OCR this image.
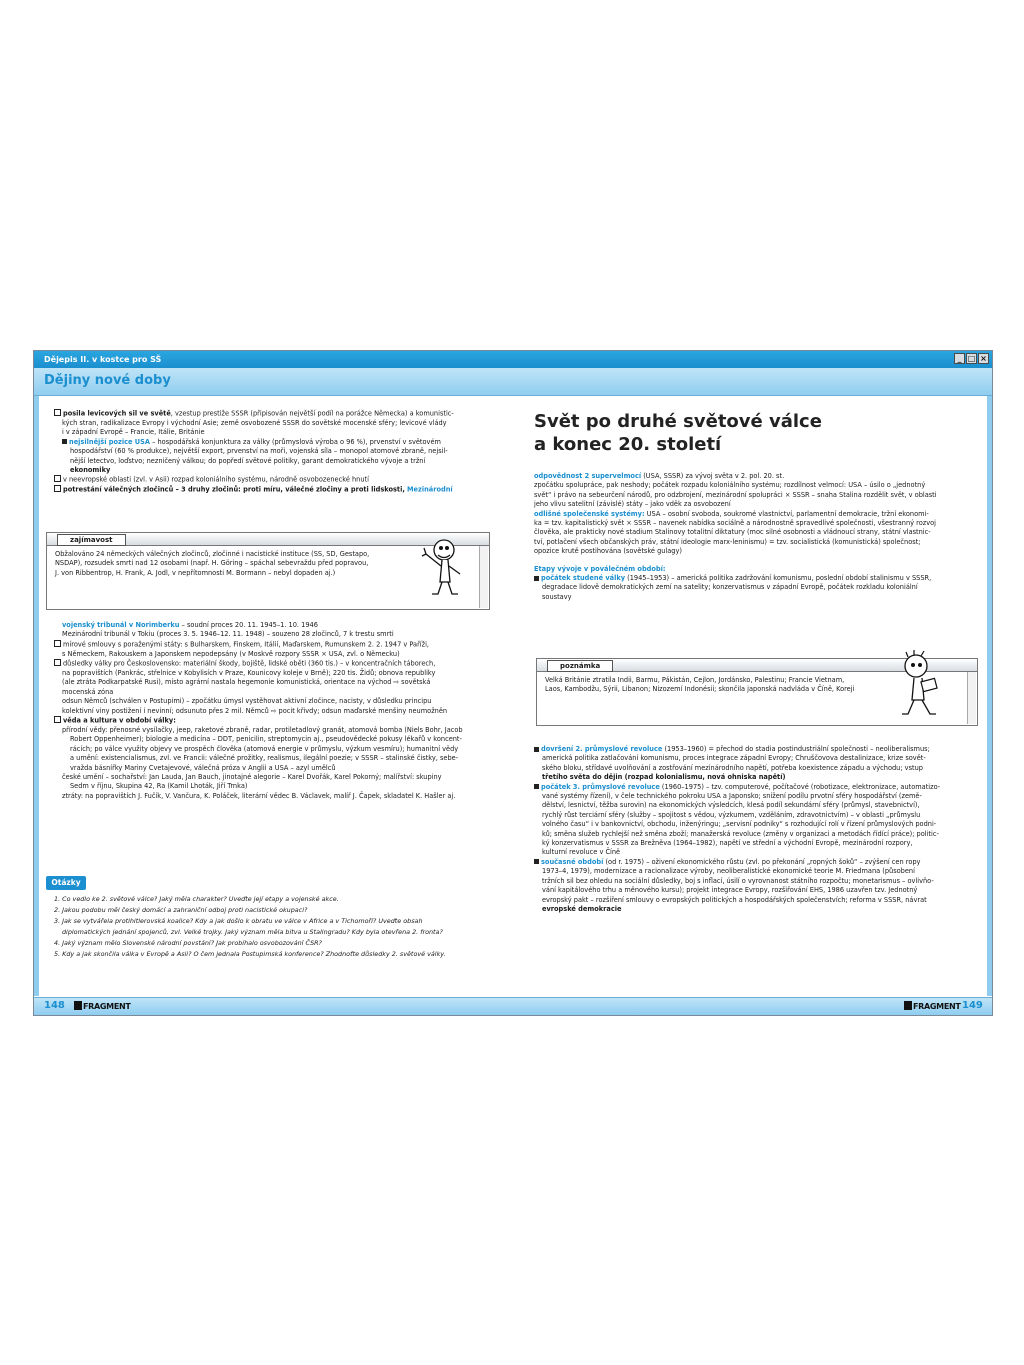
Dějepis II. v kostce pro SŠ	_ □ ×
Dějiny nové doby
148	FRAGMENT	FRAGMENT 149

posila levicových sil ve světě, vzestup prestiže SSSR (připisován největší podíl na porážce Německa) a komunistic-

kých stran, radikalizace Evropy i východní Asie; země osvobozené SSSR do sovětské mocenské sféry; levicové vlády

i v západní Evropě – Francie, Itálie, Británie

nejsilnější pozice USA – hospodářská konjunktura za války (průmyslová výroba o 96 %), prvenství v světovém

hospodářství (60 % produkce), největší export, prvenství na moři, vojenská síla – monopol atomové zbraně, nejsil-

nější letectvo, loďstvo; nezničený válkou; do popředí světové politiky, garant demokratického vývoje a tržní

ekonomiky

v neevropské oblasti (zvl. v Asii) rozpad koloniálního systému, národně osvobozenecké hnutí

potrestání válečných zločinců – 3 druhy zločinů: proti míru, válečné zločiny a proti lidskosti, Mezinárodní

zajímavost

Obžalováno 24 německých válečných zločinců, zločinné i nacistické instituce (SS, SD, Gestapo,

NSDAP), rozsudek smrti nad 12 osobami (např. H. Göring – spáchal sebevraždu před popravou,

J. von Ribbentrop, H. Frank, A. Jodl, v nepřítomnosti M. Bormann – nebyl dopaden aj.)

vojenský tribunál v Norimberku – soudní proces 20. 11. 1945–1. 10. 1946

Mezinárodní tribunál v Tokiu (proces 3. 5. 1946–12. 11. 1948) – souzeno 28 zločinců, 7 k trestu smrti

mírové smlouvy s poraženými státy: s Bulharskem, Finskem, Itálií, Maďarskem, Rumunskem 2. 2. 1947 v Paříži,

s Německem, Rakouskem a Japonskem nepodepsány (v Moskvě rozpory SSSR × USA, zvl. o Německu)

důsledky války pro Československo: materiální škody, bojiště, lidské oběti (360 tis.) – v koncentračních táborech,

na popravištích (Pankrác, střelnice v Kobylisích v Praze, Kounicovy koleje v Brně); 220 tis. Židů; obnova republiky

(ale ztráta Podkarpatské Rusi), místo agrární nastala hegemonie komunistická, orientace na východ ⇨ sovětská

mocenská zóna

odsun Němců (schválen v Postupimi) – zpočátku úmysl vystěhovat aktivní zločince, nacisty, v důsledku principu

kolektivní viny postižení i nevinní; odsunuto přes 2 mil. Němců ⇨ pocit křivdy; odsun maďarské menšiny neumožněn

věda a kultura v období války:

přírodní vědy: přenosné vysílačky, jeep, raketové zbraně, radar, protiletadlový granát, atomová bomba (Niels Bohr, Jacob

Robert Oppenheimer); biologie a medicína – DDT, penicilin, streptomycin aj., pseudovědecké pokusy lékařů v koncent-

rácích; po válce využity objevy ve prospěch člověka (atomová energie v průmyslu, výzkum vesmíru); humanitní vědy

a umění: existencialismus, zvl. ve Francii: válečné prožitky, realismus, ilegální poezie; v SSSR – stalinské čistky, sebe-

vražda básnířky Mariny Cvetajevové, válečná próza v Anglii a USA – azyl umělců

české umění – sochařství: Jan Lauda, Jan Bauch, jinotajné alegorie – Karel Dvořák, Karel Pokorný; malířství: skupiny

Sedm v říjnu, Skupina 42, Ra (Kamil Lhoták, Jiří Trnka)

ztráty: na popravištích J. Fučík, V. Vančura, K. Poláček, literární vědec B. Václavek, malíř J. Čapek, skladatel K. Hašler aj.

Otázky

1. Co vedlo ke 2. světové válce? Jaký měla charakter? Uveďte její etapy a vojenské akce.

2. Jakou podobu měl český domácí a zahraniční odboj proti nacistické okupaci?

3. Jak se vytvářela protihitlerovská koalice? Kdy a jak došlo k obratu ve válce v Africe a v Tichomoří? Uveďte obsah

diplomatických jednání spojenců, zvl. Velké trojky. Jaký význam měla bitva u Stalingradu? Kdy byla otevřena 2. fronta?

4. Jaký význam mělo Slovenské národní povstání? Jak probíhalo osvobozování ČSR?

5. Kdy a jak skončila válka v Evropě a Asii? O čem jednala Postupimská konference? Zhodnoťte důsledky 2. světové války.

Svět po druhé světové válce
a konec 20. století

odpovědnost 2 supervelmocí (USA, SSSR) za vývoj světa v 2. pol. 20. st.

zpočátku spolupráce, pak neshody; počátek rozpadu koloniálního systému; rozdílnost velmocí: USA – úsilo o „jednotný

svět“ i právo na sebeurčení národů, pro odzbrojení, mezinárodní spolupráci × SSSR – snaha Stalina rozdělit svět, v oblasti

jeho vlivu satelitní (závislé) státy – jako vděk za osvobození

odlišné společenské systémy: USA – osobní svoboda, soukromé vlastnictví, parlamentní demokracie, tržní ekonomi-

ka = tzv. kapitalistický svět × SSSR – navenek nabídka sociálně a národnostně spravedlivé společnosti, všestranný rozvoj

člověka, ale prakticky nové stadium Stalinovy totalitní diktatury (moc silné osobnosti a vládnoucí strany, státní vlastnic-

tví, potlačení všech občanských práv, státní ideologie marx-leninismu) = tzv. socialistická (komunistická) společnost;

opozice krutě postihována (sovětské gulagy)

Etapy vývoje v poválečném období:

počátek studené války (1945–1953) – americká politika zadržování komunismu, poslední období stalinismu v SSSR,

degradace lidově demokratických zemí na satelity; konzervatismus v západní Evropě, počátek rozkladu koloniální

soustavy

poznámka

Velká Británie ztratila Indii, Barmu, Pákistán, Cejlon, Jordánsko, Palestinu; Francie Vietnam,

Laos, Kambodžu, Sýrii, Libanon; Nizozemí Indonésii; skončila japonská nadvláda v Číně, Koreji

dovršení 2. průmyslové revoluce (1953–1960) = přechod do stadia postindustriální společnosti – neoliberalismus;

americká politika zatlačování komunismu, proces integrace západní Evropy; Chruščovova destalinizace, krize sovět-

ského bloku, střídavé uvolňování a zostřování mezinárodního napětí, potřeba koexistence západu a východu; vstup

třetího světa do dějin (rozpad kolonialismu, nová ohniska napětí)

počátek 3. průmyslové revoluce (1960–1975) – tzv. computerové, počítačové (robotizace, elektronizace, automatizo-

vané systémy řízení), v čele technického pokroku USA a Japonsko; snížení podílu prvotní sféry hospodářství (země-

dělství, lesnictví, těžba surovin) na ekonomických výsledcích, klesá podíl sekundární sféry (průmysl, stavebnictví),

rychlý růst terciární sféry (služby – spojitost s vědou, výzkumem, vzděláním, zdravotnictvím) – v oblasti „průmyslu

volného času“ i v bankovnictví, obchodu, inženýringu; „servisní podniky“ s rozhodující rolí v řízení průmyslových podni-

ků; směna služeb rychlejší než směna zboží; manažerská revoluce (změny v organizaci a metodách řídící práce); politic-

ký konzervatismus v SSSR za Brežněva (1964–1982), napětí ve střední a východní Evropě, mezinárodní rozpory,

kulturní revoluce v Číně

současné období (od r. 1975) – oživení ekonomického růstu (zvl. po překonání „ropných šoků“ – zvýšení cen ropy

1973–4, 1979), modernizace a racionalizace výroby, neoliberalistické ekonomické teorie M. Friedmana (působení

tržních sil bez ohledu na sociální důsledky, boj s inflací, úsilí o vyrovnanost státního rozpočtu; monetarismus – ovlivňo-

vání kapitálového trhu a měnového kursu); projekt integrace Evropy, rozšiřování EHS, 1986 uzavřen tzv. Jednotný

evropský pakt – rozšíření smlouvy o evropských politických a hospodářských společenstvích; reforma v SSSR, návrat

evropské demokracie
